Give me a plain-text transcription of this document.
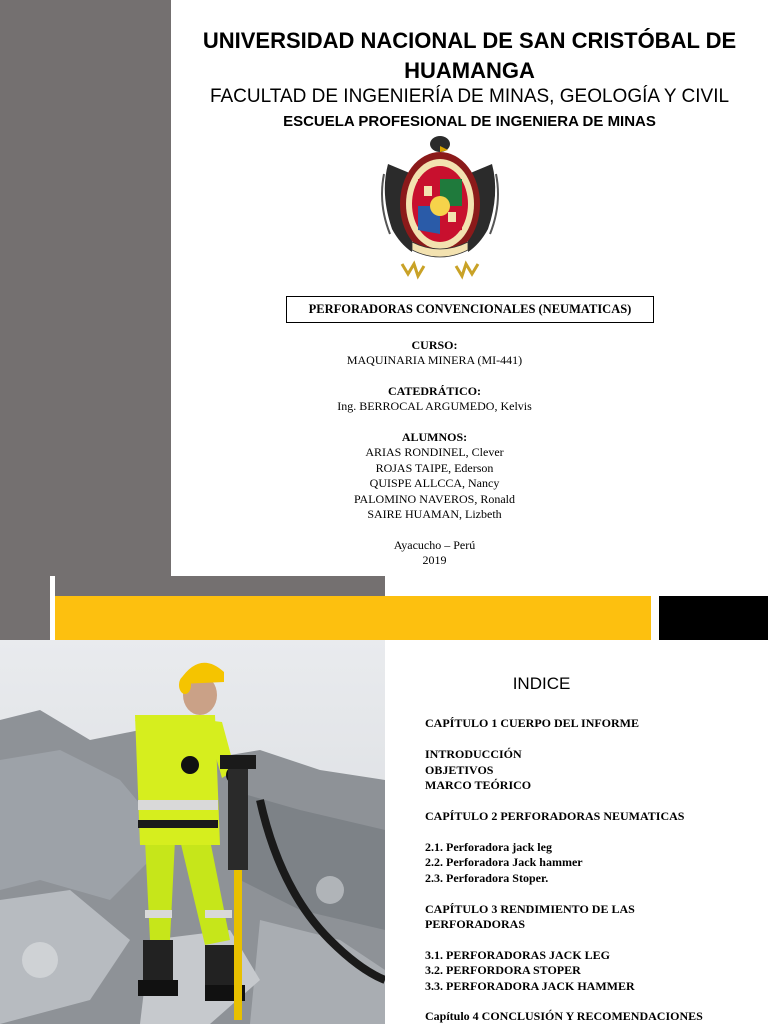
UNIVERSIDAD NACIONAL DE SAN CRISTÓBAL DE
HUAMANGA
FACULTAD DE INGENIERÍA DE MINAS, GEOLOGÍA Y CIVIL
ESCUELA PROFESIONAL DE INGENIERA DE MINAS
PERFORADORAS CONVENCIONALES (NEUMATICAS)
CURSO:
MAQUINARIA MINERA (MI-441)
CATEDRÁTICO:
Ing. BERROCAL ARGUMEDO, Kelvis
ALUMNOS:
ARIAS RONDINEL, Clever
ROJAS TAIPE, Ederson
QUISPE ALLCCA, Nancy
PALOMINO NAVEROS, Ronald
SAIRE HUAMAN, Lizbeth
Ayacucho – Perú
2019
INDICE
CAPÍTULO 1 CUERPO DEL INFORME
INTRODUCCIÓN
OBJETIVOS
MARCO TEÓRICO
CAPÍTULO 2 PERFORADORAS NEUMATICAS
2.1. Perforadora jack leg
2.2. Perforadora Jack hammer
2.3. Perforadora Stoper.
CAPÍTULO 3 RENDIMIENTO DE LAS
PERFORADORAS
3.1. PERFORADORAS JACK LEG
3.2. PERFORDORA STOPER
3.3. PERFORADORA JACK HAMMER
Capítulo 4 CONCLUSIÓN Y RECOMENDACIONES
